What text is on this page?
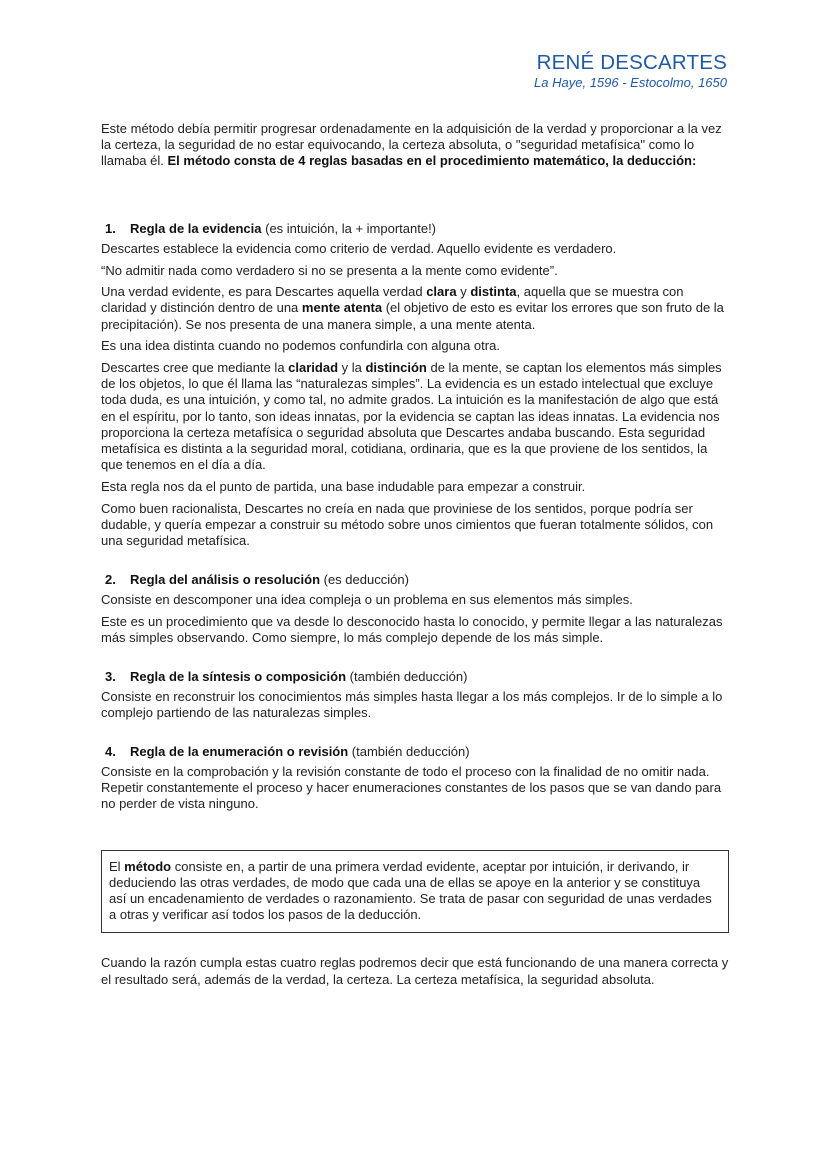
RENÉ DESCARTES
La Haye, 1596 - Estocolmo, 1650

Este método debía permitir progresar ordenadamente en la adquisición de la verdad y proporcionar a la vez la certeza, la seguridad de no estar equivocando, la certeza absoluta, o "seguridad metafísica" como lo llamaba él. El método consta de 4 reglas basadas en el procedimiento matemático, la deducción:

1. Regla de la evidencia (es intuición, la + importante!)

Descartes establece la evidencia como criterio de verdad. Aquello evidente es verdadero.

“No admitir nada como verdadero si no se presenta a la mente como evidente”.

Una verdad evidente, es para Descartes aquella verdad clara y distinta, aquella que se muestra con claridad y distinción dentro de una mente atenta (el objetivo de esto es evitar los errores que son fruto de la precipitación). Se nos presenta de una manera simple, a una mente atenta.

Es una idea distinta cuando no podemos confundirla con alguna otra.

Descartes cree que mediante la claridad y la distinción de la mente, se captan los elementos más simples de los objetos, lo que él llama las “naturalezas simples”. La evidencia es un estado intelectual que excluye toda duda, es una intuición, y como tal, no admite grados. La intuición es la manifestación de algo que está en el espíritu, por lo tanto, son ideas innatas, por la evidencia se captan las ideas innatas. La evidencia nos proporciona la certeza metafísica o seguridad absoluta que Descartes andaba buscando. Esta seguridad metafísica es distinta a la seguridad moral, cotidiana, ordinaria, que es la que proviene de los sentidos, la que tenemos en el día a día.

Esta regla nos da el punto de partida, una base indudable para empezar a construir.

Como buen racionalista, Descartes no creía en nada que proviniese de los sentidos, porque podría ser dudable, y quería empezar a construir su método sobre unos cimientos que fueran totalmente sólidos, con una seguridad metafísica.

2. Regla del análisis o resolución (es deducción)

Consiste en descomponer una idea compleja o un problema en sus elementos más simples.

Este es un procedimiento que va desde lo desconocido hasta lo conocido, y permite llegar a las naturalezas más simples observando. Como siempre, lo más complejo depende de los más simple.

3. Regla de la síntesis o composición (también deducción)

Consiste en reconstruir los conocimientos más simples hasta llegar a los más complejos. Ir de lo simple a lo complejo partiendo de las naturalezas simples.

4. Regla de la enumeración o revisión (también deducción)

Consiste en la comprobación y la revisión constante de todo el proceso con la finalidad de no omitir nada. Repetir constantemente el proceso y hacer enumeraciones constantes de los pasos que se van dando para no perder de vista ninguno.

El método consiste en, a partir de una primera verdad evidente, aceptar por intuición, ir derivando, ir deduciendo las otras verdades, de modo que cada una de ellas se apoye en la anterior y se constituya así un encadenamiento de verdades o razonamiento. Se trata de pasar con seguridad de unas verdades a otras y verificar así todos los pasos de la deducción.

Cuando la razón cumpla estas cuatro reglas podremos decir que está funcionando de una manera correcta y el resultado será, además de la verdad, la certeza. La certeza metafísica, la seguridad absoluta.
